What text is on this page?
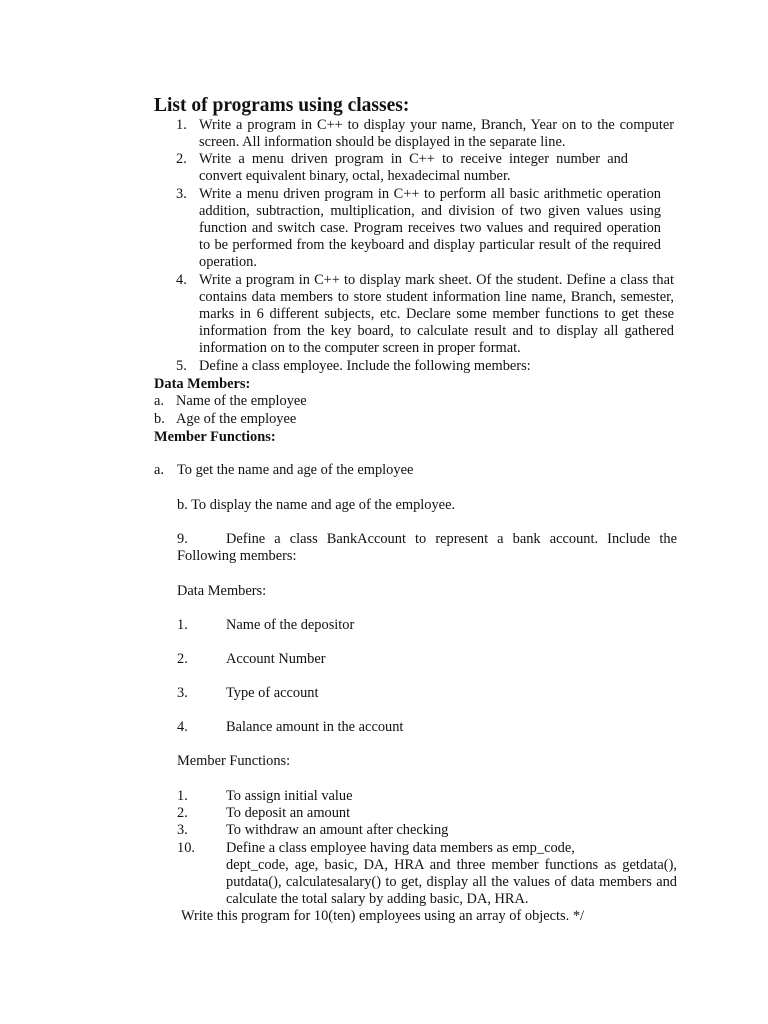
List of programs using classes:
1. Write a program in C++ to display your name, Branch, Year on to the computer
screen. All information should be displayed in the separate line.
2. Write a menu driven program in C++ to receive integer number and
convert equivalent binary, octal, hexadecimal number.
3. Write a menu driven program in C++ to perform all basic arithmetic operation
addition, subtraction, multiplication, and division of two given values using
function and switch case. Program receives two values and required operation
to be performed from the keyboard and display particular result of the required
operation.
4. Write a program in C++ to display mark sheet. Of the student. Define a class that
contains data members to store student information line name, Branch, semester,
marks in 6 different subjects, etc. Declare some member functions to get these
information from the key board, to calculate result and to display all gathered
information on to the computer screen in proper format.
5. Define a class employee. Include the following members:
Data Members:
a. Name of the employee
b. Age of the employee
Member Functions:
a. To get the name and age of the employee
b. To display the name and age of the employee.
9.	Define a class BankAccount to represent a bank account. Include the
Following members:
Data Members:
1.	Name of the depositor
2.	Account Number
3.	Type of account
4.	Balance amount in the account
Member Functions:
1.	To assign initial value
2.	To deposit an amount
3.	To withdraw an amount after checking
10. Define a class employee having data members as emp_code,
dept_code, age, basic, DA, HRA and three member functions as getdata(),
putdata(), calculatesalary() to get, display all the values of data members and
calculate the total salary by adding basic, DA, HRA.
Write this program for 10(ten) employees using an array of objects. */
